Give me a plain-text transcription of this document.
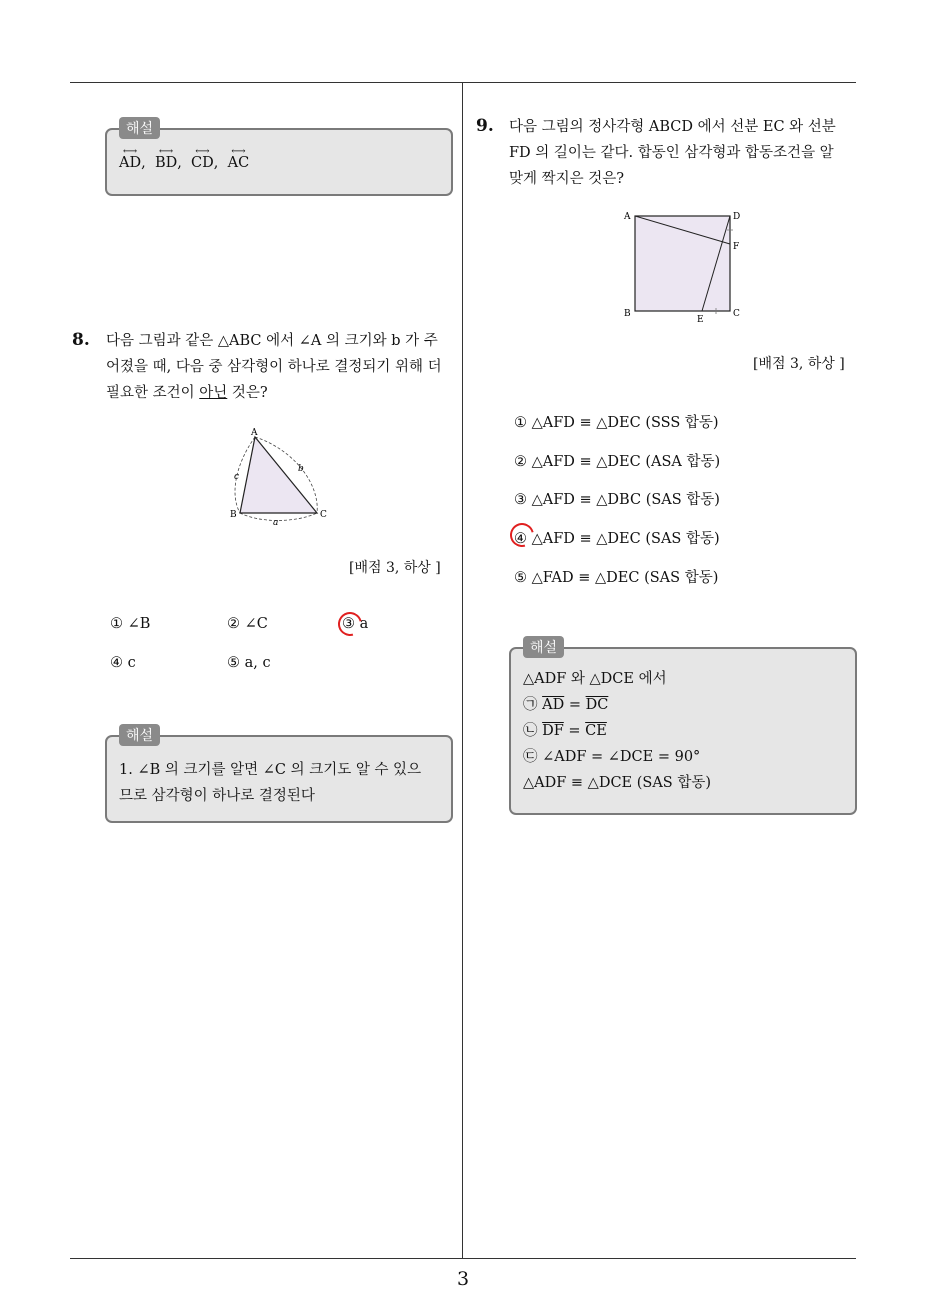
⟷
AD,
⟷
BD,
⟷
CD,
⟷
AC
해설
8. 다음 그림과 같은 △ABC 에서 ∠A 의 크기와 b 가 주
어졌을 때, 다음 중 삼각형이 하나로 결정되기 위해 더
필요한 조건이 아닌 것은?
A
B	C
a
b
c
[배점 3, 하상 ]
① ∠B	② ∠C	③ a
④ c	⑤ a, c
1. ∠B 의 크기를 알면 ∠C 의 크기도 알 수 있으
므로 삼각형이 하나로 결정된다
해설
9. 다음 그림의 정사각형 ABCD 에서 선분 EC 와 선분
FD 의 길이는 같다. 합동인 삼각형과 합동조건을 알
맞게 짝지은 것은?
A	D
F
B
E
C
[배점 3, 하상 ]
① △AFD ≡ △DEC (SSS 합동)
② △AFD ≡ △DEC (ASA 합동)
③ △AFD ≡ △DBC (SAS 합동)
④ △AFD ≡ △DEC (SAS 합동)
⑤ △FAD ≡ △DEC (SAS 합동)
△ADF 와 △DCE 에서
㉠ $\overline{AD} = \overline{DC}$
㉡ $\overline{DF} = \overline{CE}$
㉢ ∠ADF = ∠DCE = 90°
△ADF ≡ △DCE (SAS 합동)
해설
3
